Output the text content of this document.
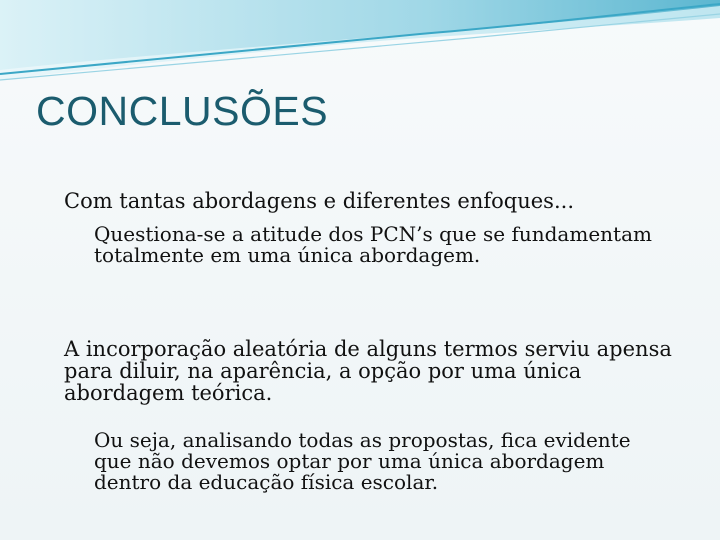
CONCLUSÕES
Com tantas abordagens e diferentes enfoques...
Questiona-se a atitude dos PCN’s que se fundamentam totalmente em uma única abordagem.
A incorporação aleatória de alguns termos serviu apensa para diluir, na aparência, a opção por uma única abordagem teórica.
Ou seja, analisando todas as propostas, fica evidente que não devemos optar por uma única abordagem dentro da educação física escolar.
